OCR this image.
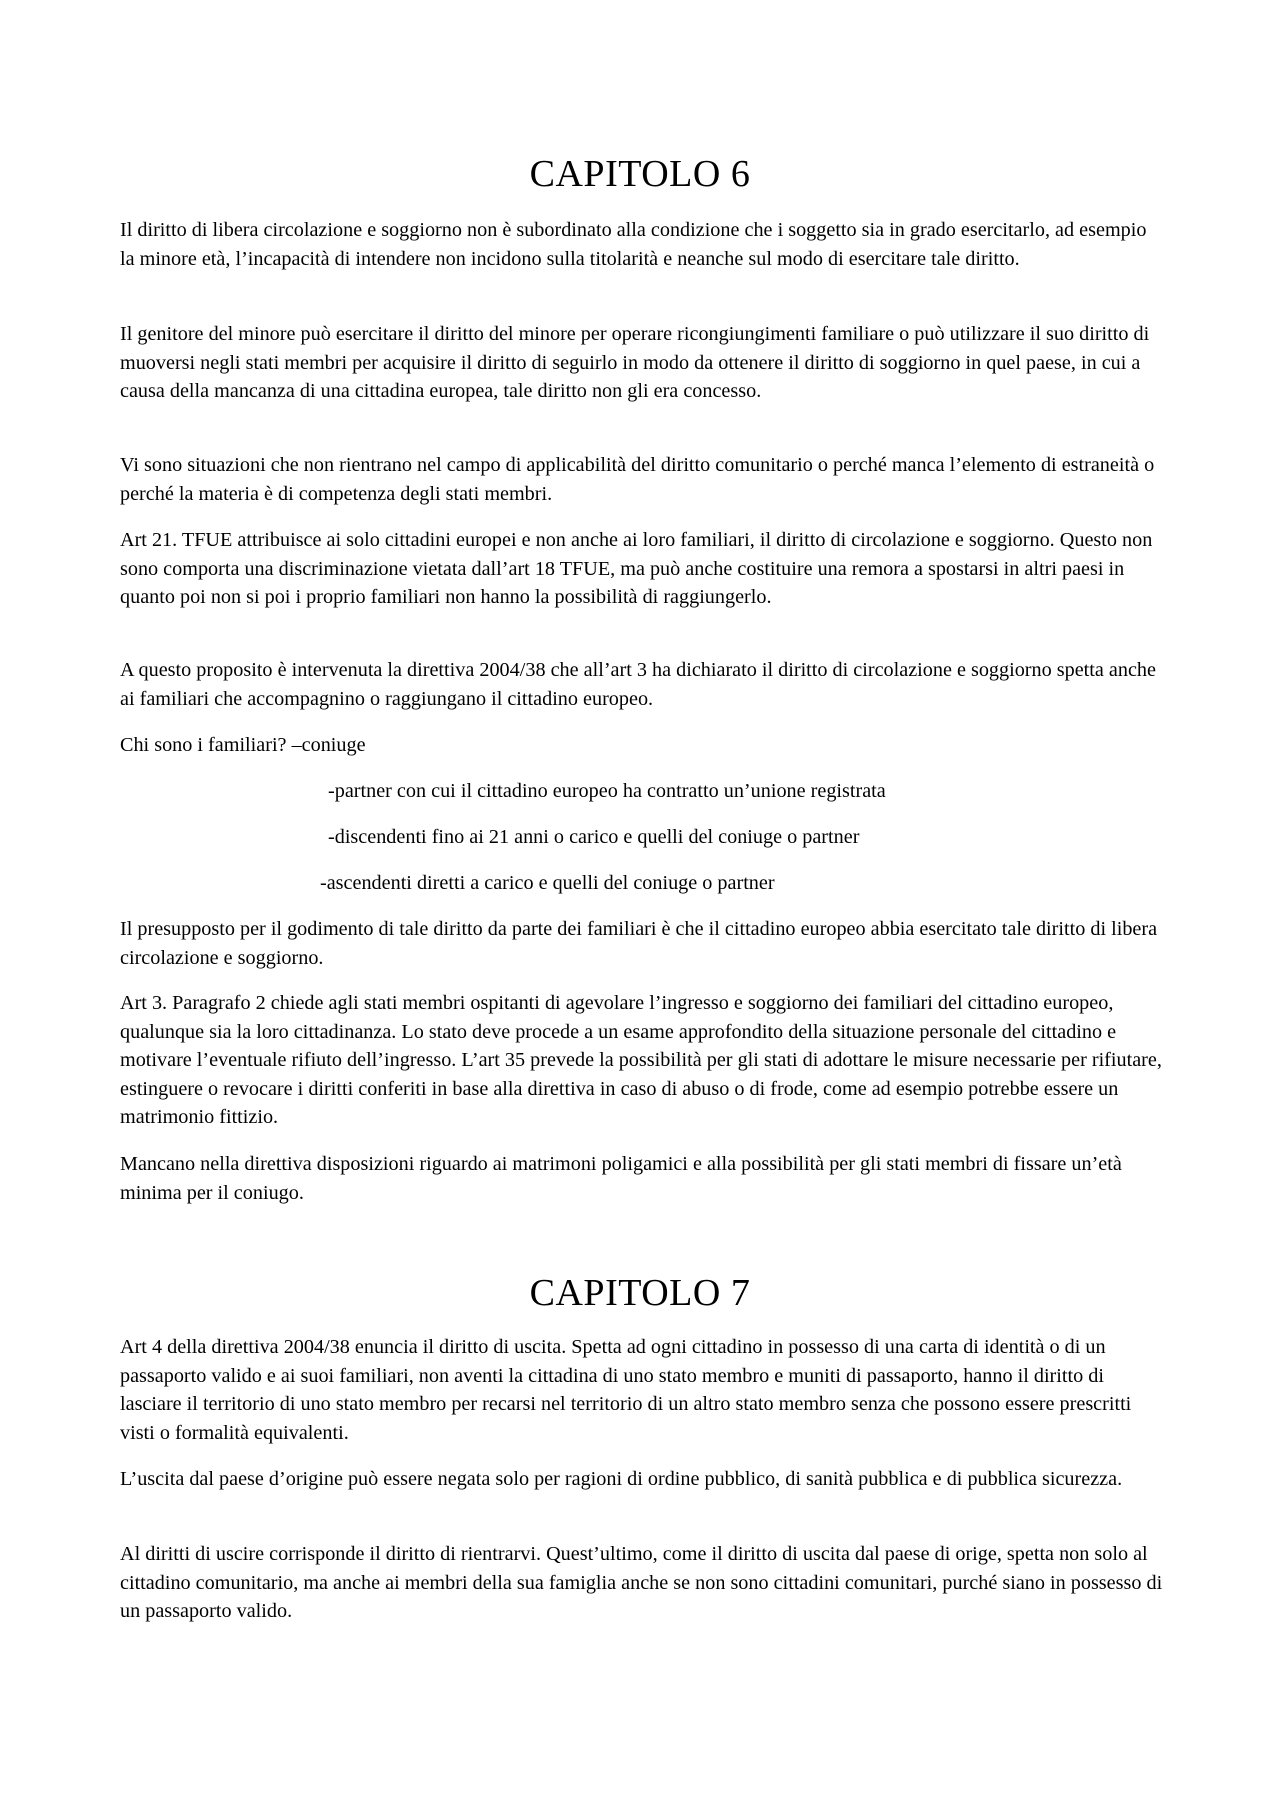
CAPITOLO 6

Il diritto di libera circolazione e soggiorno non è subordinato alla condizione che i soggetto sia in grado esercitarlo, ad esempio la minore età, l’incapacità di intendere non incidono sulla titolarità e neanche sul modo di esercitare tale diritto.

Il genitore del minore può esercitare il diritto del minore per operare ricongiungimenti familiare o può utilizzare il suo diritto di muoversi negli stati membri per acquisire il diritto di seguirlo in modo da ottenere il diritto di soggiorno in quel paese, in cui a causa della mancanza di una cittadina europea, tale diritto non gli era concesso.

Vi sono situazioni che non rientrano nel campo di applicabilità del diritto comunitario o perché manca l’elemento di estraneità o perché la materia è di competenza degli stati membri.

Art 21. TFUE attribuisce ai solo cittadini europei e non anche ai loro familiari, il diritto di circolazione e soggiorno. Questo non sono comporta una discriminazione vietata dall’art 18 TFUE, ma può anche costituire una remora a spostarsi in altri paesi in quanto poi non si poi i proprio familiari non hanno la possibilità di raggiungerlo.

A questo proposito è intervenuta la direttiva 2004/38 che all’art 3 ha dichiarato il diritto di circolazione e soggiorno spetta anche ai familiari che accompagnino o raggiungano il cittadino europeo.

Chi sono i familiari? –coniuge

-partner con cui il cittadino europeo ha contratto un’unione registrata

-discendenti fino ai 21 anni o carico e quelli del coniuge o partner

-ascendenti diretti a carico e quelli del coniuge o partner

Il presupposto per il godimento di tale diritto da parte dei familiari è che il cittadino europeo abbia esercitato tale diritto di libera circolazione e soggiorno.

Art 3. Paragrafo 2 chiede agli stati membri ospitanti di agevolare l’ingresso e soggiorno dei familiari del cittadino europeo, qualunque sia la loro cittadinanza. Lo stato deve procede a un esame approfondito della situazione personale del cittadino e motivare l’eventuale rifiuto dell’ingresso. L’art 35 prevede la possibilità per gli stati di adottare le misure necessarie per rifiutare, estinguere o revocare i diritti conferiti in base alla direttiva in caso di abuso o di frode, come ad esempio potrebbe essere un matrimonio fittizio.

Mancano nella direttiva disposizioni riguardo ai matrimoni poligamici e alla possibilità per gli stati membri di fissare un’età minima per il coniugo.

CAPITOLO 7

Art 4 della direttiva 2004/38 enuncia il diritto di uscita. Spetta ad ogni cittadino in possesso di una carta di identità o di un passaporto valido e ai suoi familiari, non aventi la cittadina di uno stato membro e muniti di passaporto, hanno il diritto di lasciare il territorio di uno stato membro per recarsi nel territorio di un altro stato membro senza che possono essere prescritti visti o formalità equivalenti.

L’uscita dal paese d’origine può essere negata solo per ragioni di ordine pubblico, di sanità pubblica e di pubblica sicurezza.

Al diritti di uscire corrisponde il diritto di rientrarvi. Quest’ultimo, come il diritto di uscita dal paese di orige, spetta non solo al cittadino comunitario, ma anche ai membri della sua famiglia anche se non sono cittadini comunitari, purché siano in possesso di un passaporto valido.
